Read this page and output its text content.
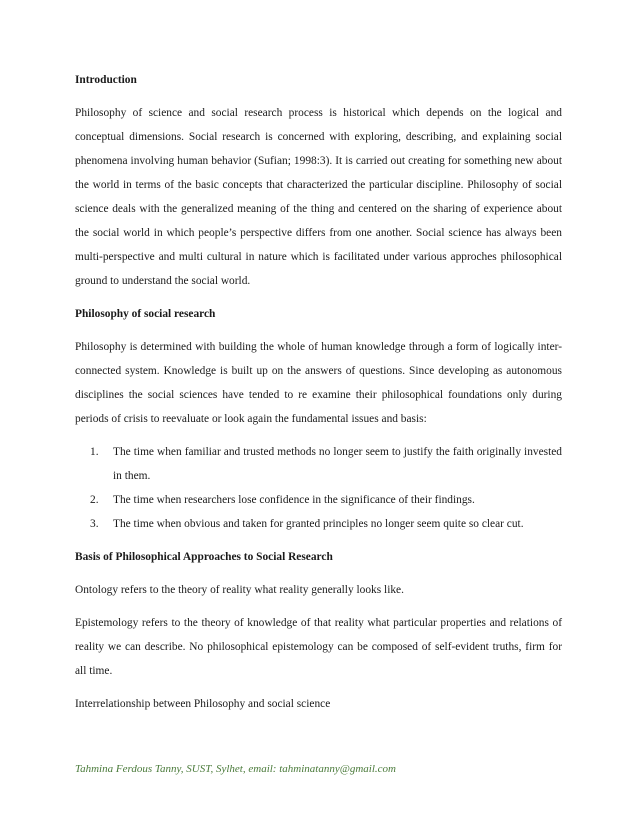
Introduction
Philosophy of science and social research process is historical which depends on the logical and conceptual dimensions. Social research is concerned with exploring, describing, and explaining social phenomena involving human behavior (Sufian; 1998:3). It is carried out creating for something new about the world in terms of the basic concepts that characterized the particular discipline. Philosophy of social science deals with the generalized meaning of the thing and centered on the sharing of experience about the social world in which people’s perspective differs from one another. Social science has always been multi-perspective and multi cultural in nature which is facilitated under various approches philosophical ground to understand the social world.
Philosophy of social research
Philosophy is determined with building the whole of human knowledge through a form of logically inter-connected system. Knowledge is built up on the answers of questions. Since developing as autonomous disciplines the social sciences have tended to re examine their philosophical foundations only during periods of crisis to reevaluate or look again the fundamental issues and basis:
1. The time when familiar and trusted methods no longer seem to justify the faith originally invested in them.
2. The time when researchers lose confidence in the significance of their findings.
3. The time when obvious and taken for granted principles no longer seem quite so clear cut.
Basis of Philosophical Approaches to Social Research
Ontology refers to the theory of reality what reality generally looks like.
Epistemology refers to the theory of knowledge of that reality what particular properties and relations of reality we can describe. No philosophical epistemology can be composed of self-evident truths, firm for all time.
Interrelationship between Philosophy and social science
Tahmina Ferdous Tanny, SUST, Sylhet, email: tahminatanny@gmail.com
